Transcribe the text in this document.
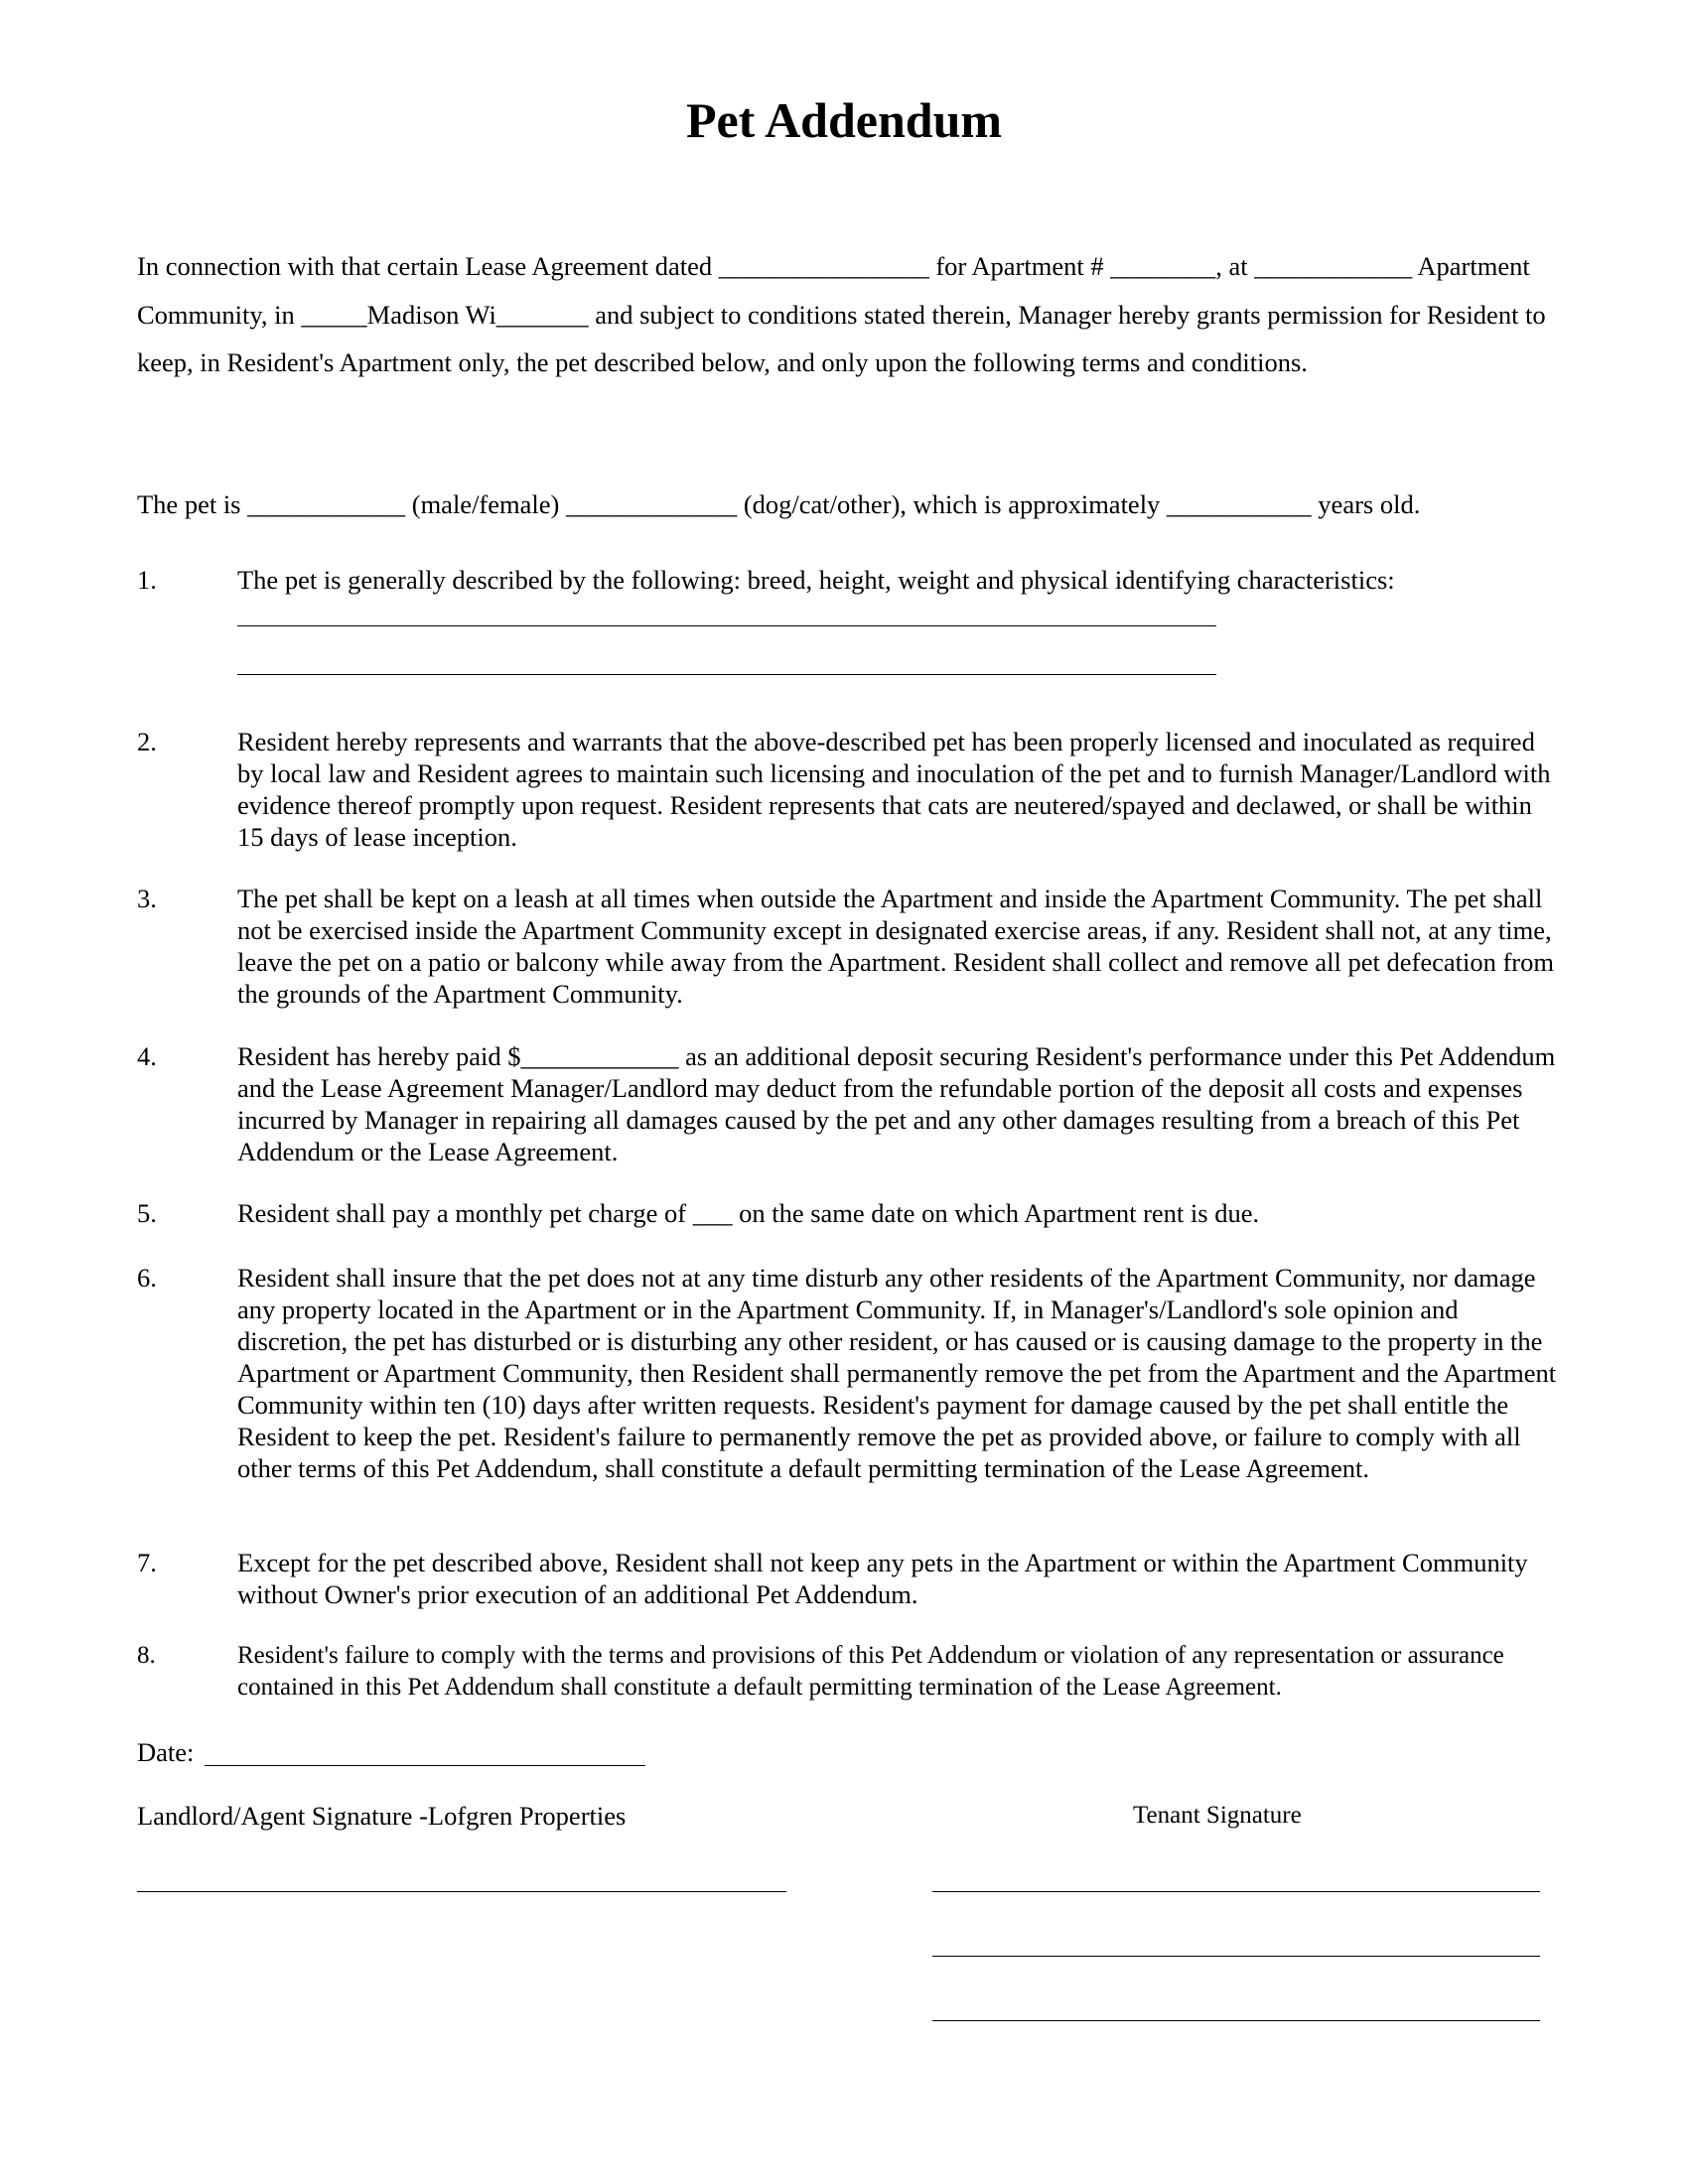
Pet Addendum

In connection with that certain Lease Agreement dated ________________ for Apartment # ________, at ____________ Apartment Community, in _____Madison Wi_______ and subject to conditions stated therein, Manager hereby grants permission for Resident to keep, in Resident's Apartment only, the pet described below, and only upon the following terms and conditions.

The pet is ____________ (male/female) _____________ (dog/cat/other), which is approximately ___________ years old.

1.	The pet is generally described by the following: breed, height, weight and physical identifying characteristics:
2.	Resident hereby represents and warrants that the above-described pet has been properly licensed and inoculated as required by local law and Resident agrees to maintain such licensing and inoculation of the pet and to furnish Manager/Landlord with evidence thereof promptly upon request. Resident represents that cats are neutered/spayed and declawed, or shall be within 15 days of lease inception.
3.	The pet shall be kept on a leash at all times when outside the Apartment and inside the Apartment Community. The pet shall not be exercised inside the Apartment Community except in designated exercise areas, if any. Resident shall not, at any time, leave the pet on a patio or balcony while away from the Apartment. Resident shall collect and remove all pet defecation from the grounds of the Apartment Community.
4.	Resident has hereby paid $____________ as an additional deposit securing Resident's performance under this Pet Addendum and the Lease Agreement Manager/Landlord may deduct from the refundable portion of the deposit all costs and expenses incurred by Manager in repairing all damages caused by the pet and any other damages resulting from a breach of this Pet Addendum or the Lease Agreement.
5.	Resident shall pay a monthly pet charge of ___ on the same date on which Apartment rent is due.
6.	Resident shall insure that the pet does not at any time disturb any other residents of the Apartment Community, nor damage any property located in the Apartment or in the Apartment Community. If, in Manager's/Landlord's sole opinion and discretion, the pet has disturbed or is disturbing any other resident, or has caused or is causing damage to the property in the Apartment or Apartment Community, then Resident shall permanently remove the pet from the Apartment and the Apartment Community within ten (10) days after written requests. Resident's payment for damage caused by the pet shall entitle the Resident to keep the pet. Resident's failure to permanently remove the pet as provided above, or failure to comply with all other terms of this Pet Addendum, shall constitute a default permitting termination of the Lease Agreement.
7.	Except for the pet described above, Resident shall not keep any pets in the Apartment or within the Apartment Community without Owner's prior execution of an additional Pet Addendum.
8.	Resident's failure to comply with the terms and provisions of this Pet Addendum or violation of any representation or assurance contained in this Pet Addendum shall constitute a default permitting termination of the Lease Agreement.
Date:
Landlord/Agent Signature -Lofgren Properties	Tenant Signature
